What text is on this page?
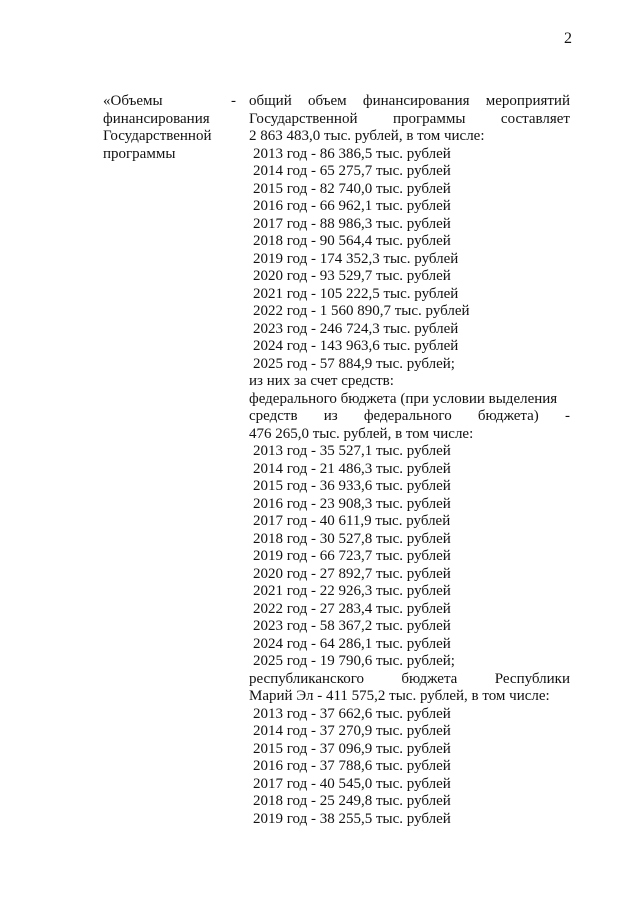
2
«Объемы
финансирования
Государственной
программы
- общий объем финансирования мероприятий
Государственной программы составляет
2 863 483,0 тыс. рублей, в том числе:
2013 год - 86 386,5 тыс. рублей
2014 год - 65 275,7 тыс. рублей
2015 год - 82 740,0 тыс. рублей
2016 год - 66 962,1 тыс. рублей
2017 год - 88 986,3 тыс. рублей
2018 год - 90 564,4 тыс. рублей
2019 год - 174 352,3 тыс. рублей
2020 год - 93 529,7 тыс. рублей
2021 год - 105 222,5 тыс. рублей
2022 год - 1 560 890,7 тыс. рублей
2023 год - 246 724,3 тыс. рублей
2024 год - 143 963,6 тыс. рублей
2025 год - 57 884,9 тыс. рублей;
из них за счет средств:
федерального бюджета (при условии выделения
средств из федерального бюджета) -
476 265,0 тыс. рублей, в том числе:
2013 год - 35 527,1 тыс. рублей
2014 год - 21 486,3 тыс. рублей
2015 год - 36 933,6 тыс. рублей
2016 год - 23 908,3 тыс. рублей
2017 год - 40 611,9 тыс. рублей
2018 год - 30 527,8 тыс. рублей
2019 год - 66 723,7 тыс. рублей
2020 год - 27 892,7 тыс. рублей
2021 год - 22 926,3 тыс. рублей
2022 год - 27 283,4 тыс. рублей
2023 год - 58 367,2 тыс. рублей
2024 год - 64 286,1 тыс. рублей
2025 год - 19 790,6 тыс. рублей;
республиканского бюджета Республики
Марий Эл - 411 575,2 тыс. рублей, в том числе:
2013 год - 37 662,6 тыс. рублей
2014 год - 37 270,9 тыс. рублей
2015 год - 37 096,9 тыс. рублей
2016 год - 37 788,6 тыс. рублей
2017 год - 40 545,0 тыс. рублей
2018 год - 25 249,8 тыс. рублей
2019 год - 38 255,5 тыс. рублей
